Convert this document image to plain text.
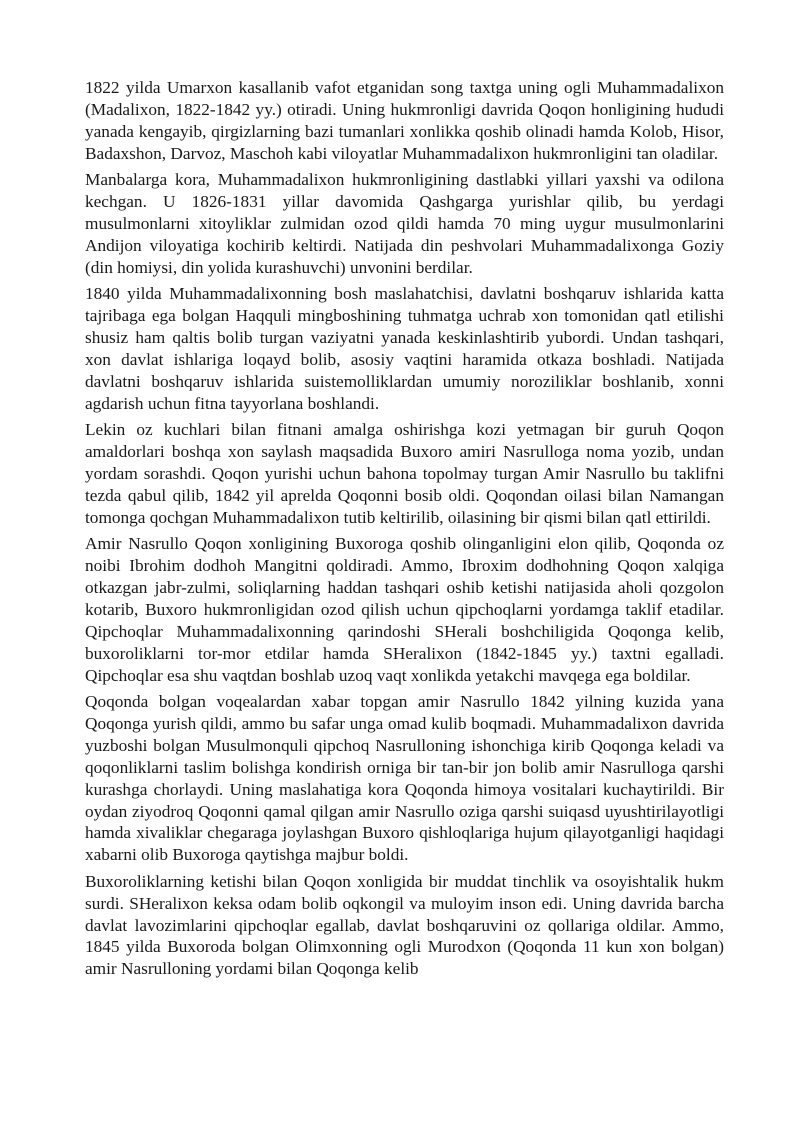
1822 yilda Umarxon kasallanib vafot etganidan song taxtga uning ogli Muhammadalixon (Madalixon, 1822-1842 yy.) otiradi. Uning hukmronligi davrida Qoqon honligining hududi yanada kengayib, qirgizlarning bazi tumanlari xonlikka qoshib olinadi hamda Kolob, Hisor, Badaxshon, Darvoz, Maschoh kabi viloyatlar Muhammadalixon hukmronligini tan oladilar.

Manbalarga kora, Muhammadalixon hukmronligining dastlabki yillari yaxshi va odilona kechgan. U 1826-1831 yillar davomida Qashgarga yurishlar qilib, bu yerdagi musulmonlarni xitoyliklar zulmidan ozod qildi hamda 70 ming uygur musulmonlarini Andijon viloyatiga kochirib keltirdi. Natijada din peshvolari Muhammadalixonga Goziy (din homiysi, din yolida kurashuvchi) unvonini berdilar.

1840 yilda Muhammadalixonning bosh maslahatchisi, davlatni boshqaruv ishlarida katta tajribaga ega bolgan Haqquli mingboshining tuhmatga uchrab xon tomonidan qatl etilishi shusiz ham qaltis bolib turgan vaziyatni yanada keskinlashtirib yubordi. Undan tashqari, xon davlat ishlariga loqayd bolib, asosiy vaqtini haramida otkaza boshladi. Natijada davlatni boshqaruv ishlarida suistemolliklardan umumiy noroziliklar boshlanib, xonni agdarish uchun fitna tayyorlana boshlandi.

Lekin oz kuchlari bilan fitnani amalga oshirishga kozi yetmagan bir guruh Qoqon amaldorlari boshqa xon saylash maqsadida Buxoro amiri Nasrulloga noma yozib, undan yordam sorashdi. Qoqon yurishi uchun bahona topolmay turgan Amir Nasrullo bu taklifni tezda qabul qilib, 1842 yil aprelda Qoqonni bosib oldi. Qoqondan oilasi bilan Namangan tomonga qochgan Muhammadalixon tutib keltirilib, oilasining bir qismi bilan qatl ettirildi.

Amir Nasrullo Qoqon xonligining Buxoroga qoshib olinganligini elon qilib, Qoqonda oz noibi Ibrohim dodhoh Mangitni qoldiradi. Ammo, Ibroxim dodhohning Qoqon xalqiga otkazgan jabr-zulmi, soliqlarning haddan tashqari oshib ketishi natijasida aholi qozgolon kotarib, Buxoro hukmronligidan ozod qilish uchun qipchoqlarni yordamga taklif etadilar. Qipchoqlar Muhammadalixonning qarindoshi SHerali boshchiligida Qoqonga kelib, buxoroliklarni tor-mor etdilar hamda SHeralixon (1842-1845 yy.) taxtni egalladi. Qipchoqlar esa shu vaqtdan boshlab uzoq vaqt xonlikda yetakchi mavqega ega boldilar.

Qoqonda bolgan voqealardan xabar topgan amir Nasrullo 1842 yilning kuzida yana Qoqonga yurish qildi, ammo bu safar unga omad kulib boqmadi. Muhammadalixon davrida yuzboshi bolgan Musulmonquli qipchoq Nasrulloning ishonchiga kirib Qoqonga keladi va qoqonliklarni taslim bolishga kondirish orniga bir tan-bir jon bolib amir Nasrulloga qarshi kurashga chorlaydi. Uning maslahatiga kora Qoqonda himoya vositalari kuchaytirildi. Bir oydan ziyodroq Qoqonni qamal qilgan amir Nasrullo oziga qarshi suiqasd uyushtirilayotligi hamda xivaliklar chegaraga joylashgan Buxoro qishloqlariga hujum qilayotganligi haqidagi xabarni olib Buxoroga qaytishga majbur boldi.

Buxoroliklarning ketishi bilan Qoqon xonligida bir muddat tinchlik va osoyishtalik hukm surdi. SHeralixon keksa odam bolib oqkongil va muloyim inson edi. Uning davrida barcha davlat lavozimlarini qipchoqlar egallab, davlat boshqaruvini oz qollariga oldilar. Ammo, 1845 yilda Buxoroda bolgan Olimxonning ogli Murodxon (Qoqonda 11 kun xon bolgan) amir Nasrulloning yordami bilan Qoqonga kelib
